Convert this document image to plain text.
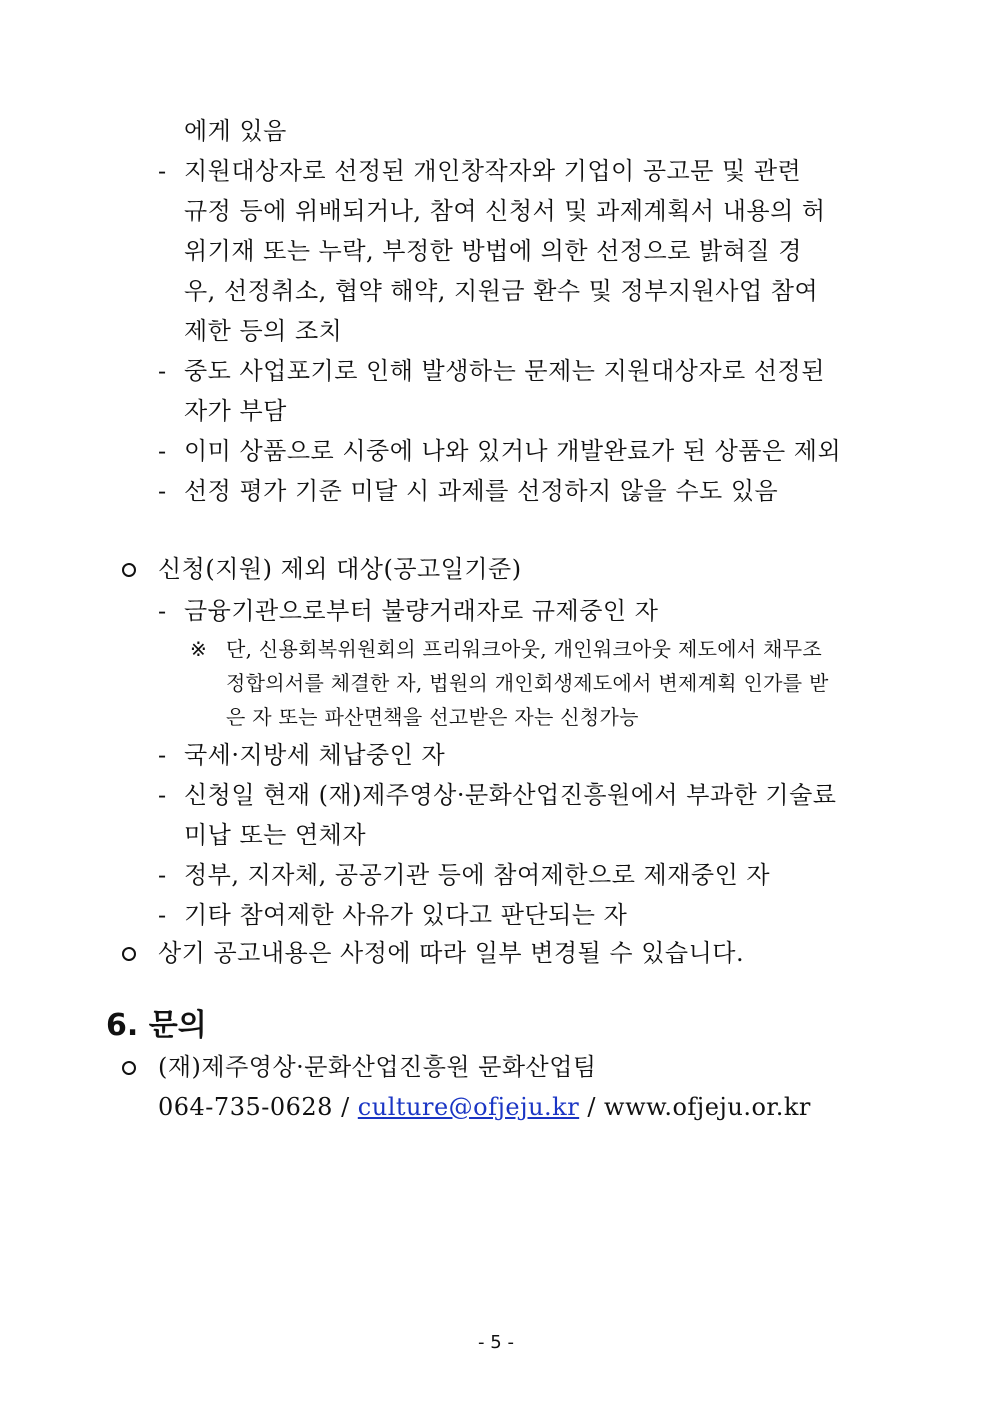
에게 있음
- 지원대상자로 선정된 개인창작자와 기업이 공고문 및 관련
규정 등에 위배되거나, 참여 신청서 및 과제계획서 내용의 허
위기재 또는 누락, 부정한 방법에 의한 선정으로 밝혀질 경
우, 선정취소, 협약 해약, 지원금 환수 및 정부지원사업 참여
제한 등의 조치
- 중도 사업포기로 인해 발생하는 문제는 지원대상자로 선정된
자가 부담
- 이미 상품으로 시중에 나와 있거나 개발완료가 된 상품은 제외
- 선정 평가 기준 미달 시 과제를 선정하지 않을 수도 있음
신청(지원) 제외 대상(공고일기준)
- 금융기관으로부터 불량거래자로 규제중인 자
※ 단, 신용회복위원회의 프리워크아웃, 개인워크아웃 제도에서 채무조
정합의서를 체결한 자, 법원의 개인회생제도에서 변제계획 인가를 받
은 자 또는 파산면책을 선고받은 자는 신청가능
- 국세·지방세 체납중인 자
- 신청일 현재 (재)제주영상·문화산업진흥원에서 부과한 기술료
미납 또는 연체자
- 정부, 지자체, 공공기관 등에 참여제한으로 제재중인 자
- 기타 참여제한 사유가 있다고 판단되는 자
상기 공고내용은 사정에 따라 일부 변경될 수 있습니다.
6. 문의
(재)제주영상·문화산업진흥원 문화산업팀
064-735-0628 / culture@ofjeju.kr / www.ofjeju.or.kr
- 5 -
